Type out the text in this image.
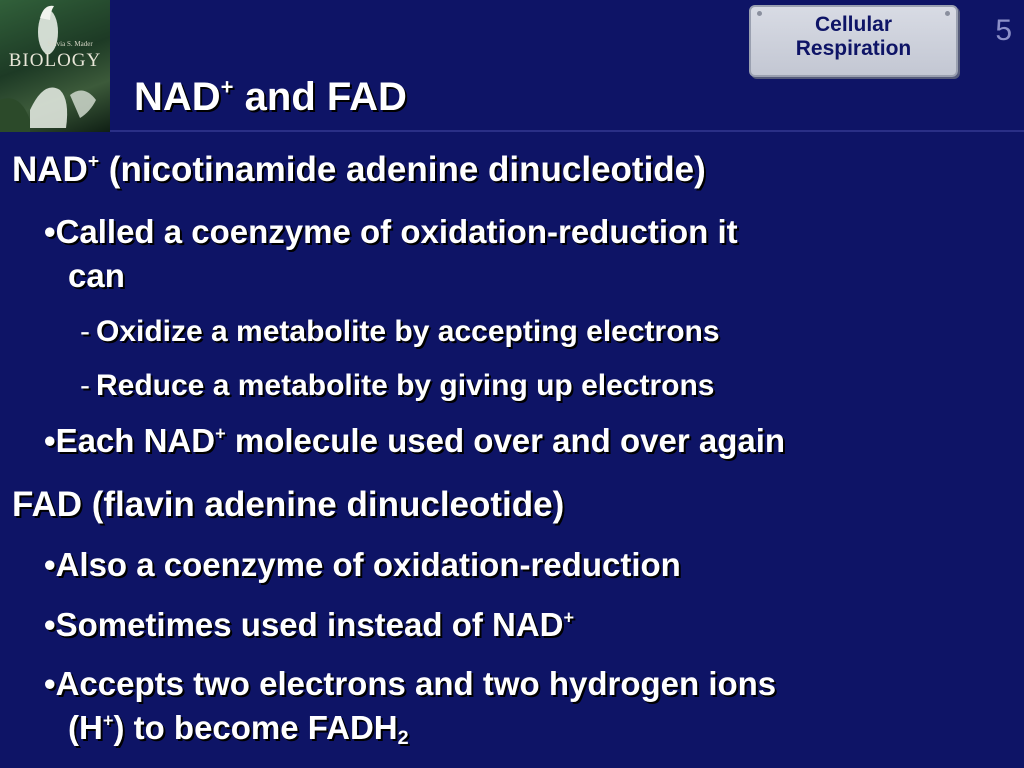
Sylvia S. Mader
BIOLOGY
Cellular
Respiration
5
NAD+ and FAD
NAD+ (nicotinamide adenine dinucleotide)
•Called a coenzyme of oxidation-reduction it
can
- Oxidize a metabolite by accepting electrons
- Reduce a metabolite by giving up electrons
•Each NAD+ molecule used over and over again
FAD (flavin adenine dinucleotide)
•Also a coenzyme of oxidation-reduction
•Sometimes used instead of NAD+
•Accepts two electrons and two hydrogen ions
(H+) to become $FADH_2$
